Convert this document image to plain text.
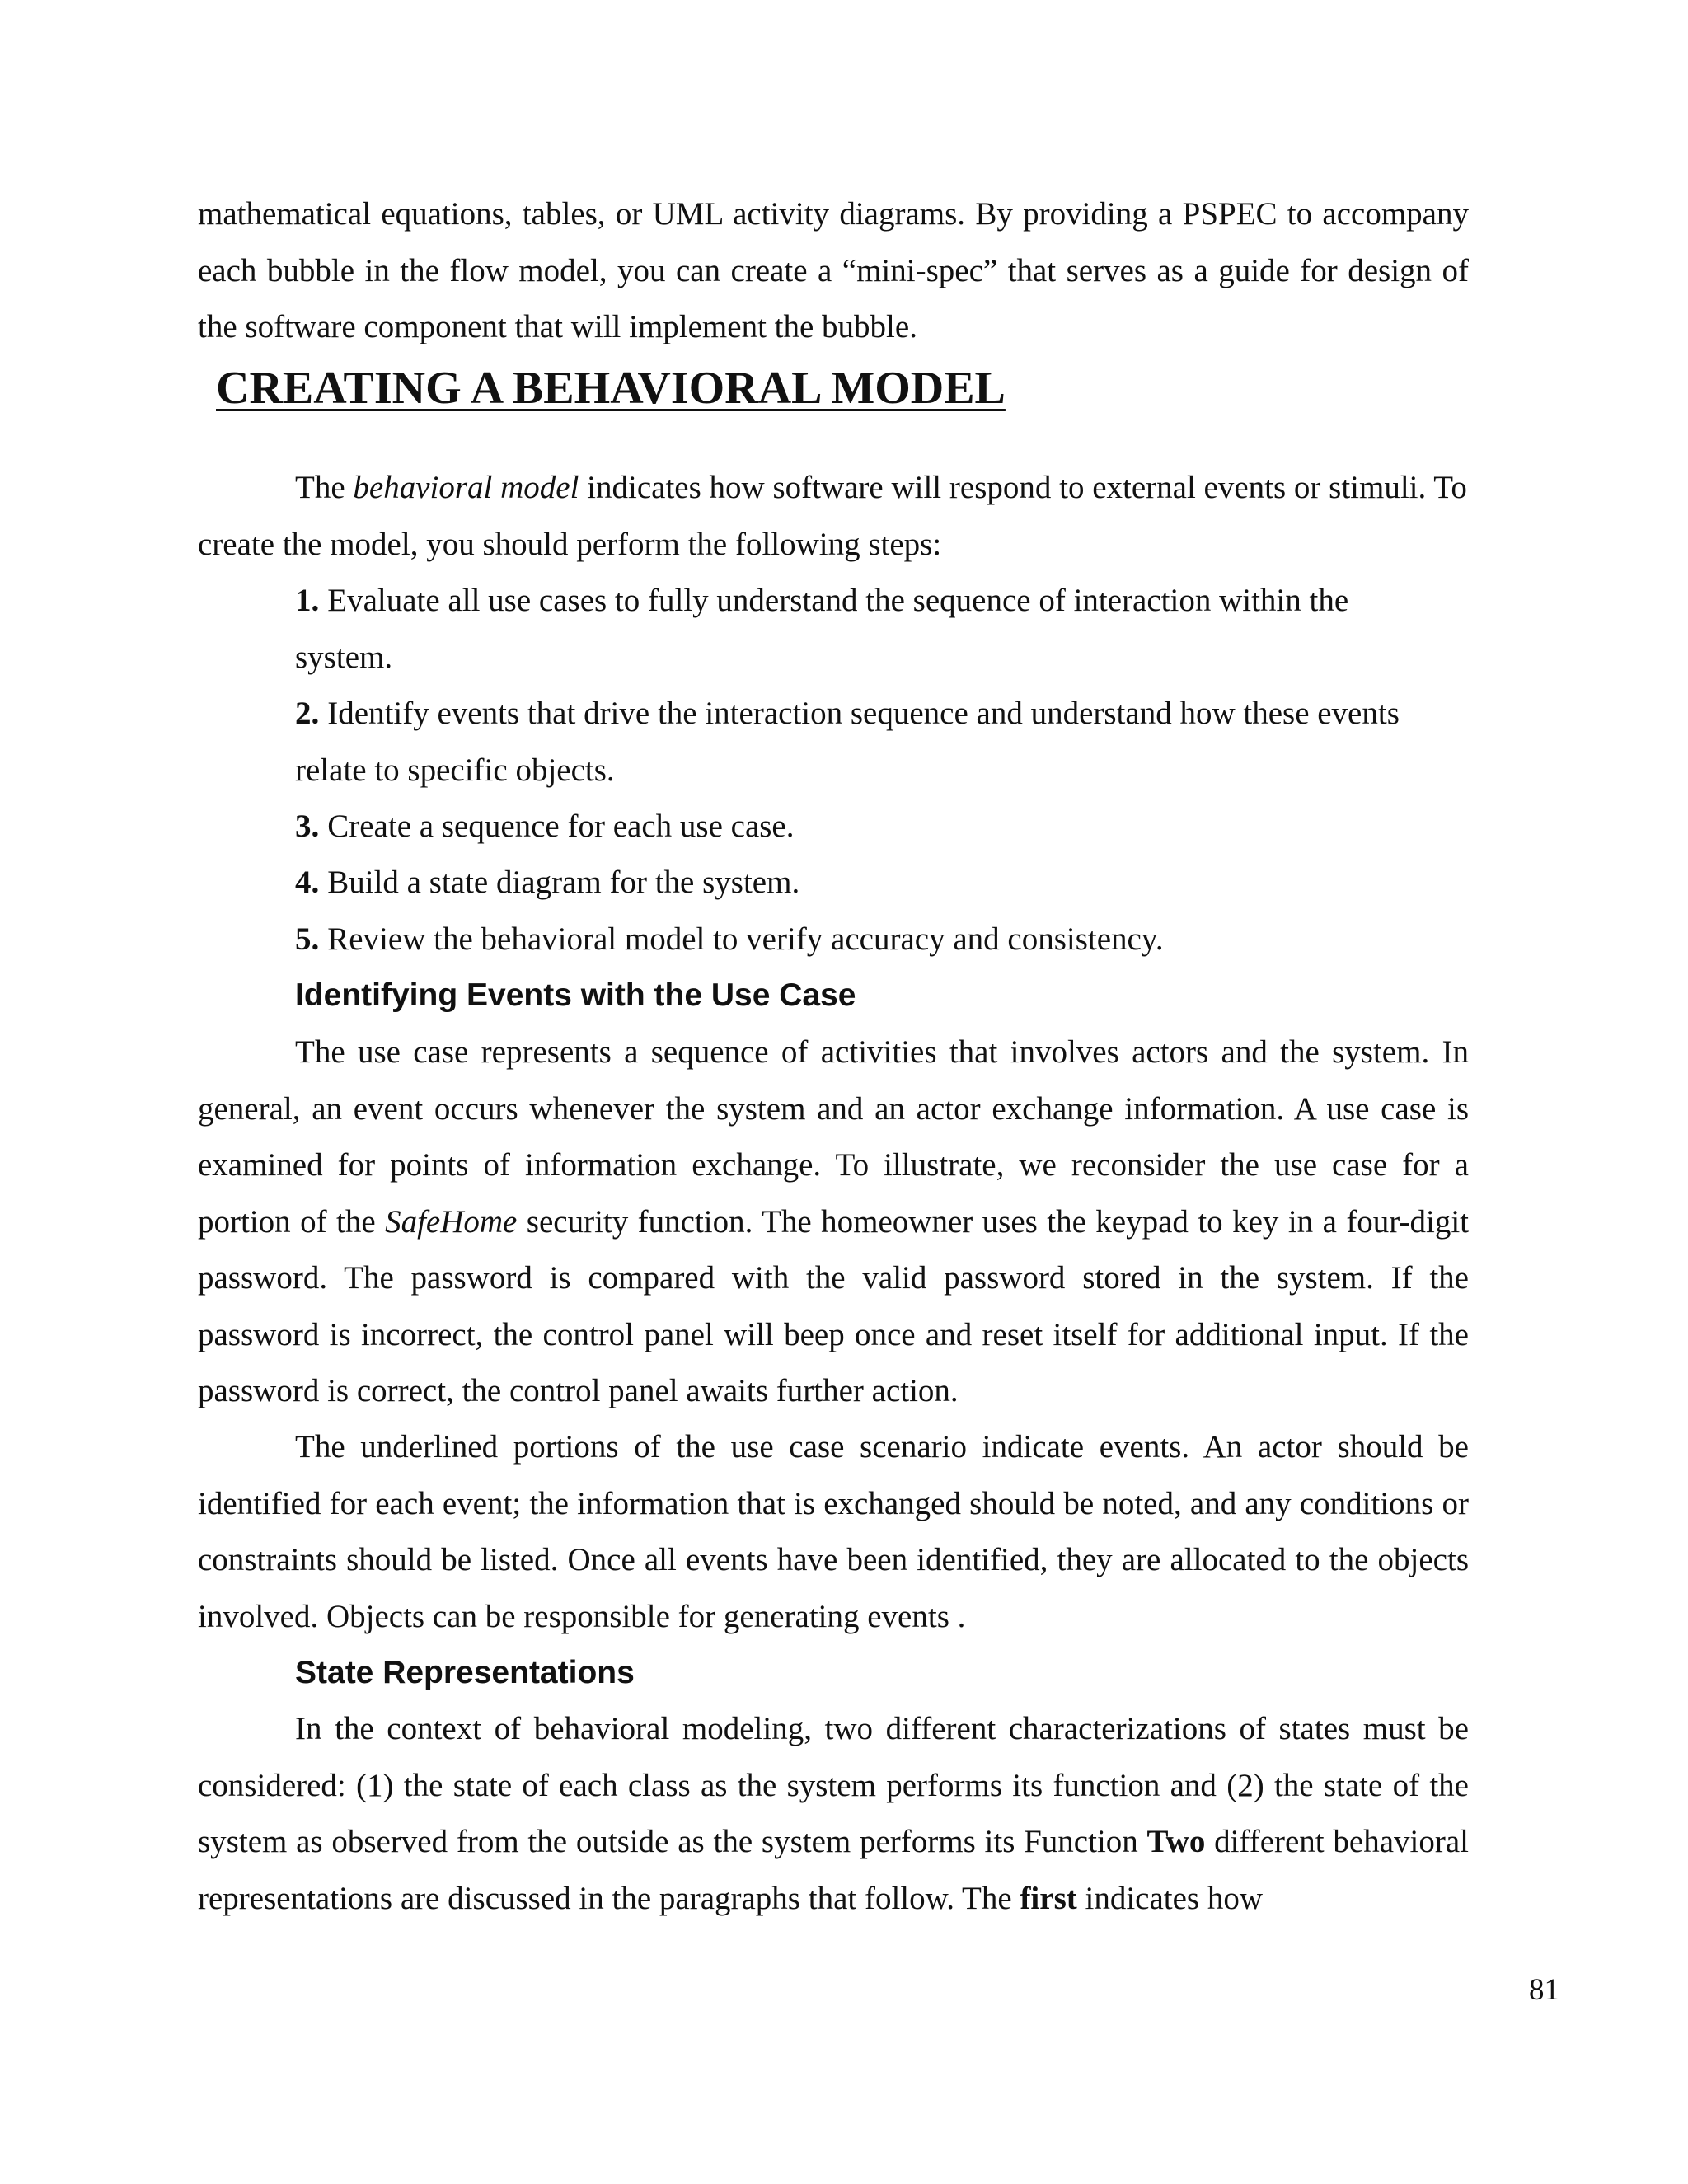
mathematical equations, tables, or UML activity diagrams. By providing a PSPEC to accompany each bubble in the flow model, you can create a “mini-spec” that serves as a guide for design of the software component that will implement the bubble.

CREATING A BEHAVIORAL MODEL

The behavioral model indicates how software will respond to external events or stimuli. To create the model, you should perform the following steps:

1. Evaluate all use cases to fully understand the sequence of interaction within the system.

2. Identify events that drive the interaction sequence and understand how these events relate to specific objects.

3. Create a sequence for each use case.

4. Build a state diagram for the system.

5. Review the behavioral model to verify accuracy and consistency.

Identifying Events with the Use Case

The use case represents a sequence of activities that involves actors and the system. In general, an event occurs whenever the system and an actor exchange information. A use case is examined for points of information exchange. To illustrate, we reconsider the use case for a portion of the SafeHome security function. The homeowner uses the keypad to key in a four-digit password. The password is compared with the valid password stored in the system. If the password is incorrect, the control panel will beep once and reset itself for additional input. If the password is correct, the control panel awaits further action.

The underlined portions of the use case scenario indicate events. An actor should be identified for each event; the information that is exchanged should be noted, and any conditions or constraints should be listed. Once all events have been identified, they are allocated to the objects involved. Objects can be responsible for generating events .

State Representations

In the context of behavioral modeling, two different characterizations of states must be considered: (1) the state of each class as the system performs its function and (2) the state of the system as observed from the outside as the system performs its Function Two different behavioral representations are discussed in the paragraphs that follow. The first indicates how

81
